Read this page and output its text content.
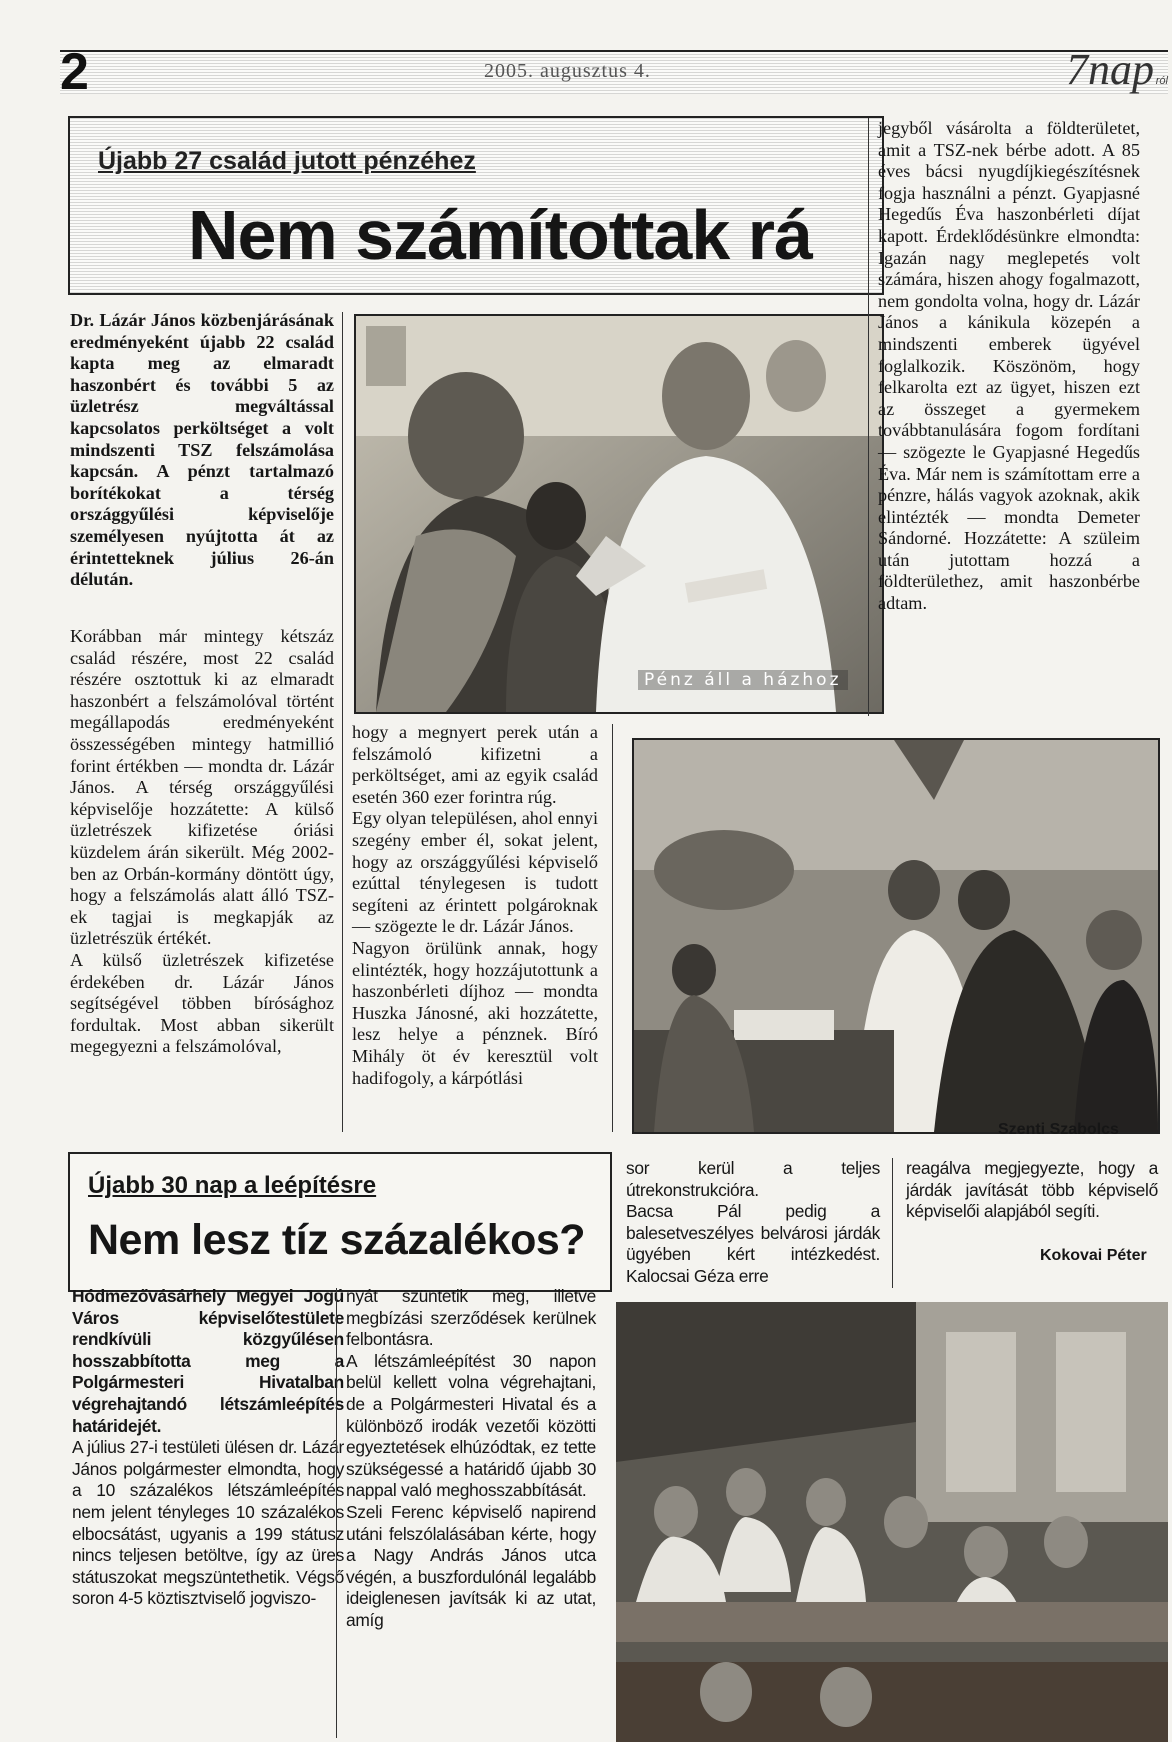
2	2005. augusztus 4.	7nap ról
Újabb 27 család jutott pénzéhez
Nem számítottak rá

Dr. Lázár János közbenjárásának eredményeként újabb 22 család kapta meg az elmaradt haszonbért és további 5 az üzletrész megváltással kapcsolatos perköltséget a volt mindszenti TSZ felszámolása kapcsán. A pénzt tartalmazó borítékokat a térség országgyűlési képviselője személyesen nyújtotta át az érintetteknek július 26-án délután.

Korábban már mintegy kétszáz család részére, most 22 család részére osztottuk ki az elmaradt haszonbért a felszámolóval történt megállapodás eredményeként összességében mintegy hatmillió forint értékben — mondta dr. Lázár János. A térség országgyűlési képviselője hozzátette: A külső üzletrészek kifizetése óriási küzdelem árán sikerült. Még 2002-ben az Orbán-kormány döntött úgy, hogy a felszámolás alatt álló TSZ-ek tagjai is megkapják az üzletrészük értékét.

A külső üzletrészek kifizetése érdekében dr. Lázár János segítségével többen bírósághoz fordultak. Most abban sikerült megegyezni a felszámolóval,

Pénz áll a házhoz

hogy a megnyert perek után a felszámoló kifizetni a perköltséget, ami az egyik család esetén 360 ezer forintra rúg.

Egy olyan településen, ahol ennyi szegény ember él, sokat jelent, hogy az országgyűlési képviselő ezúttal ténylegesen is tudott segíteni az érintett polgároknak — szögezte le dr. Lázár János.

Nagyon örülünk annak, hogy elintézték, hogy hozzájutottunk a haszonbérleti díjhoz — mondta Huszka Jánosné, aki hozzátette, lesz helye a pénznek. Bíró Mihály öt év keresztül volt hadifogoly, a kárpótlási

jegyből vásárolta a földterületet, amit a TSZ-nek bérbe adott. A 85 éves bácsi nyugdíjkiegészítésnek fogja használni a pénzt. Gyapjasné Hegedűs Éva haszonbérleti díjat kapott. Érdeklődésünkre elmondta: Igazán nagy meglepetés volt számára, hiszen ahogy fogalmazott, nem gondolta volna, hogy dr. Lázár János a kánikula közepén a mindszenti emberek ügyével foglalkozik. Köszönöm, hogy felkarolta ezt az ügyet, hiszen ezt az összeget a gyermekem továbbtanulására fogom fordítani — szögezte le Gyapjasné Hegedűs Éva. Már nem is számítottam erre a pénzre, hálás vagyok azoknak, akik elintézték — mondta Demeter Sándorné. Hozzátette: A szüleim után jutottam hozzá a földterülethez, amit haszonbérbe adtam.

Szenti Szabolcs
Újabb 30 nap a leépítésre
Nem lesz tíz százalékos?

Hódmezővásárhely Megyei Jogú Város képviselőtestülete rendkívüli közgyűlésen hosszabbította meg a Polgármesteri Hivatalban végrehajtandó létszámleépítés határidejét.

A július 27-i testületi ülésen dr. Lázár János polgármester elmondta, hogy a 10 százalékos létszámleépítés nem jelent tényleges 10 százalékos elbocsátást, ugyanis a 199 státusz nincs teljesen betöltve, így az üres státuszokat megszüntethetik. Végső soron 4-5 köztisztviselő jogviszo-

nyát szüntetik meg, illetve megbízási szerződések kerülnek felbontásra.

A létszámleépítést 30 napon belül kellett volna végrehajtani, de a Polgármesteri Hivatal és a különböző irodák vezetői közötti egyeztetések elhúzódtak, ez tette szükségessé a határidő újabb 30 nappal való meghosszabbítását.

Szeli Ferenc képviselő napirend utáni felszólalásában kérte, hogy a Nagy András János utca végén, a buszfordulónál legalább ideiglenesen javítsák ki az utat, amíg

sor kerül a teljes útrekonstrukcióra.

Bacsa Pál pedig a balesetveszélyes belvárosi járdák ügyében kért intézkedést. Kalocsai Géza erre

reagálva megjegyezte, hogy a járdák javítását több képviselő képviselői alapjából segíti.

Kokovai Péter
